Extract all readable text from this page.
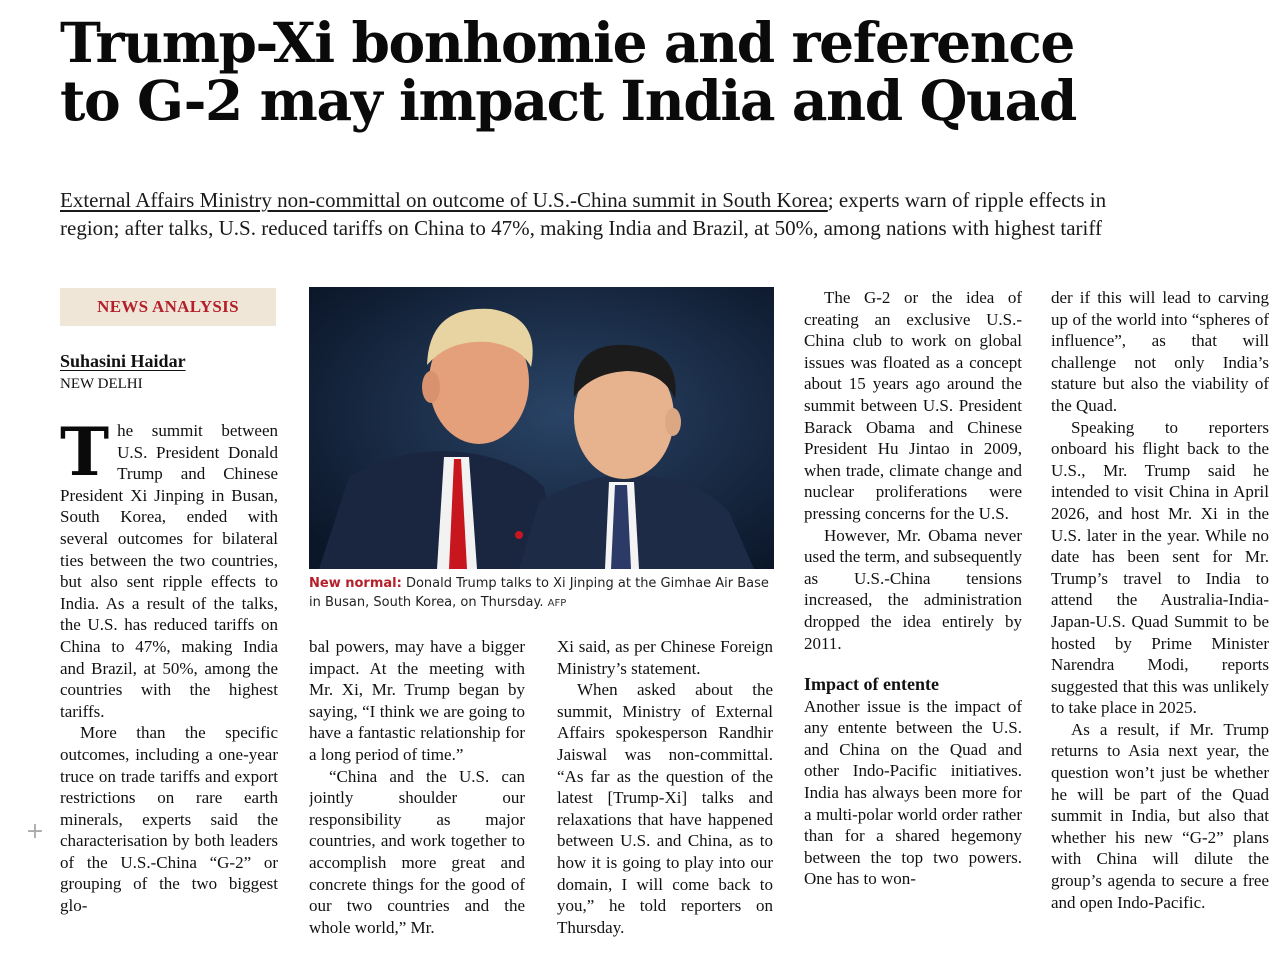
Trump-Xi bonhomie and reference
to G-2 may impact India and Quad
External Affairs Ministry non-committal on outcome of U.S.-China summit in South Korea; experts warn of ripple effects in
region; after talks, U.S. reduced tariffs on China to 47%, making India and Brazil, at 50%, among nations with highest tariff
NEWS ANALYSIS
Suhasini Haidar
NEW DELHI

The summit between U.S. President Donald Trump and Chinese President Xi Jinping in Busan, South Korea, ended with several outcomes for bilateral ties between the two countries, but also sent ripple effects to India. As a result of the talks, the U.S. has reduced tariffs on China to 47%, making India and Brazil, at 50%, among the countries with the highest tariffs.

More than the specific outcomes, including a one-year truce on trade tariffs and export restrictions on rare earth minerals, experts said the characterisation by both leaders of the U.S.-China “G-2” or grouping of the two biggest glo-

New normal: Donald Trump talks to Xi Jinping at the Gimhae Air Base in Busan, South Korea, on Thursday. AFP

bal powers, may have a bigger impact. At the meeting with Mr. Xi, Mr. Trump began by saying, “I think we are going to have a fantastic relationship for a long period of time.”

“China and the U.S. can jointly shoulder our responsibility as major countries, and work together to accomplish more great and concrete things for the good of our two countries and the whole world,” Mr.

Xi said, as per Chinese Foreign Ministry’s statement.

When asked about the summit, Ministry of External Affairs spokesperson Randhir Jaiswal was non-committal. “As far as the question of the latest [Trump-Xi] talks and relaxations that have happened between U.S. and China, as to how it is going to play into our domain, I will come back to you,” he told reporters on Thursday.

The G-2 or the idea of creating an exclusive U.S.-China club to work on global issues was floated as a concept about 15 years ago around the summit between U.S. President Barack Obama and Chinese President Hu Jintao in 2009, when trade, climate change and nuclear proliferations were pressing concerns for the U.S.

However, Mr. Obama never used the term, and subsequently as U.S.-China tensions increased, the administration dropped the idea entirely by 2011.

Impact of entente

Another issue is the impact of any entente between the U.S. and China on the Quad and other Indo-Pacific initiatives. India has always been more for a multi-polar world order rather than for a shared hegemony between the top two powers. One has to won-

der if this will lead to carving up of the world into “spheres of influence”, as that will challenge not only India’s stature but also the viability of the Quad.

Speaking to reporters onboard his flight back to the U.S., Mr. Trump said he intended to visit China in April 2026, and host Mr. Xi in the U.S. later in the year. While no date has been sent for Mr. Trump’s travel to India to attend the Australia-India-Japan-U.S. Quad Summit to be hosted by Prime Minister Narendra Modi, reports suggested that this was unlikely to take place in 2025.

As a result, if Mr. Trump returns to Asia next year, the question won’t just be whether he will be part of the Quad summit in India, but also that whether his new “G-2” plans with China will dilute the group’s agenda to secure a free and open Indo-Pacific.

+
